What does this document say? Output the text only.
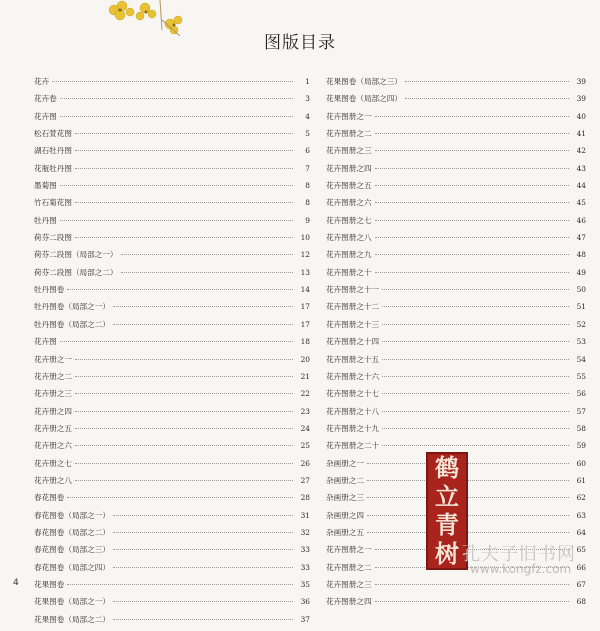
图版目录
花卉	1
花卉卷	3
花卉图	4
松石萱花图	5
湖石牡丹图	6
花瓶牡丹图	7
墨菊图	8
竹石菊花图	8
牡丹图	9
荷芬二段图	10
荷芬二段图（局部之一）	12
荷芬二段图（局部之二）	13
牡丹图卷	14
牡丹图卷（局部之一）	17
牡丹图卷（局部之二）	17
花卉图	18
花卉册之一	20
花卉册之二	21
花卉册之三	22
花卉册之四	23
花卉册之五	24
花卉册之六	25
花卉册之七	26
花卉册之八	27
春花图卷	28
春花图卷（局部之一）	31
春花图卷（局部之二）	32
春花图卷（局部之三）	33
春花图卷（局部之四）	33
花果图卷	35
花果图卷（局部之一）	36
花果图卷（局部之二）	37
花果图卷（局部之三）	39
花果图卷（局部之四）	39
花卉图册之一	40
花卉图册之二	41
花卉图册之三	42
花卉图册之四	43
花卉图册之五	44
花卉图册之六	45
花卉图册之七	46
花卉图册之八	47
花卉图册之九	48
花卉图册之十	49
花卉图册之十一	50
花卉图册之十二	51
花卉图册之十三	52
花卉图册之十四	53
花卉图册之十五	54
花卉图册之十六	55
花卉图册之十七	56
花卉图册之十八	57
花卉图册之十九	58
花卉图册之二十	59
杂画册之一	60
杂画册之二	61
杂画册之三	62
杂画册之四	63
杂画册之五	64
花卉图册之一	65
花卉图册之二	66
花卉图册之三	67
花卉图册之四	68
4
鹤
立
青
树 孔夫子旧书网
www.kongfz.com
